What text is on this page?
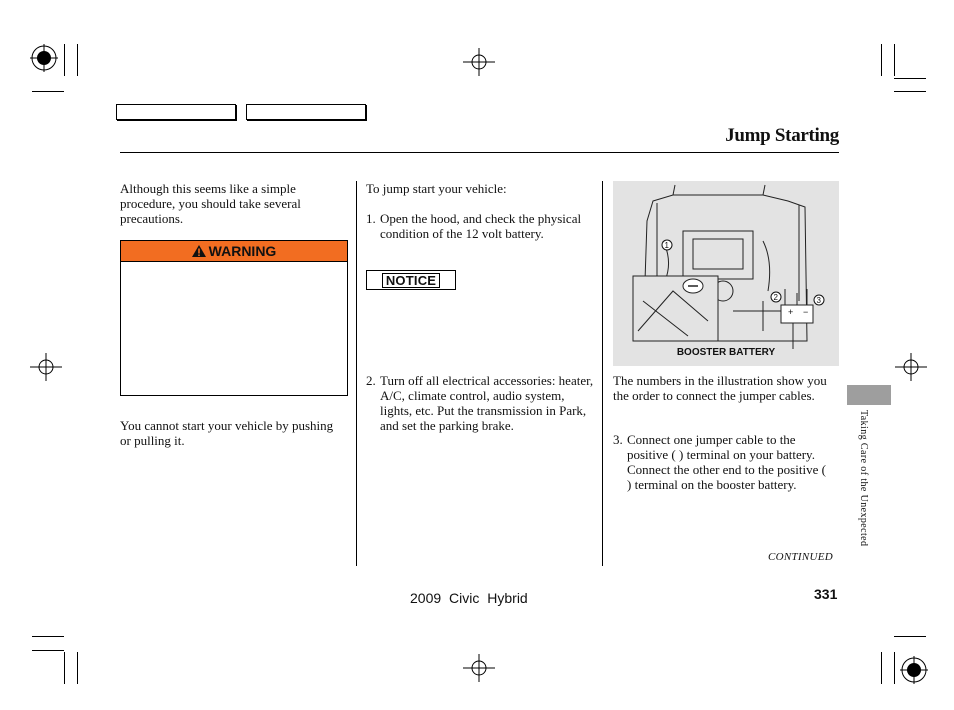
Jump Starting
Although this seems like a simple procedure, you should take several precautions.
WARNING
You cannot start your vehicle by pushing or pulling it.
To jump start your vehicle:
1. Open the hood, and check the physical condition of the 12 volt battery.
NOTICE
2. Turn off all electrical accessories: heater, A/C, climate control, audio system, lights, etc. Put the transmission in Park, and set the parking brake.
1
2	3
+ −
BOOSTER BATTERY
The numbers in the illustration show you the order to connect the jumper cables.
3. Connect one jumper cable to the positive ( ) terminal on your battery. Connect the other end to the positive ( ) terminal on the booster battery.
CONTINUED
Taking Care of the Unexpected
331
2009 Civic Hybrid
